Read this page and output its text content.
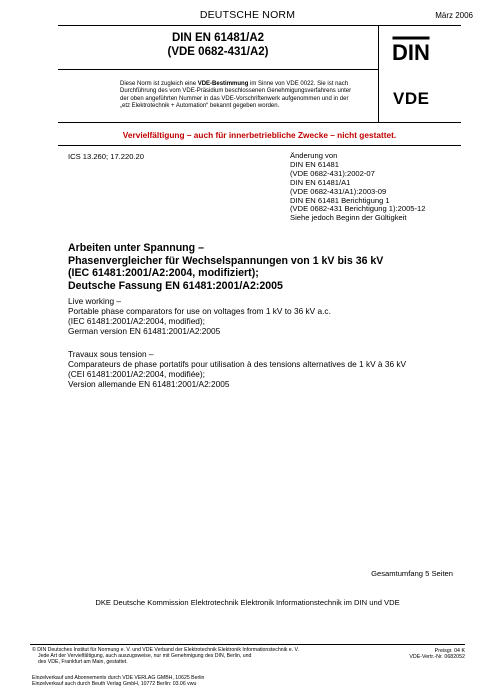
DEUTSCHE NORM	März 2006
DIN EN 61481/A2
(VDE 0682-431/A2)	DIN
Diese Norm ist zugleich eine VDE-Bestimmung im Sinne von VDE 0022. Sie ist nach
Durchführung des vom VDE-Präsidium beschlossenen Genehmigungsverfahrens unter
der oben angeführten Nummer in das VDE-Vorschriftenwerk aufgenommen und in der
„etz Elektrotechnik + Automation“ bekannt gegeben worden.	VDE
Vervielfältigung – auch für innerbetriebliche Zwecke – nicht gestattet.
ICS 13.260; 17.220.20	Änderung von
DIN EN 61481
(VDE 0682-431):2002-07
DIN EN 61481/A1
(VDE 0682-431/A1):2003-09
DIN EN 61481 Berichtigung 1
(VDE 0682-431 Berichtigung 1):2005-12
Siehe jedoch Beginn der Gültigkeit
Arbeiten unter Spannung –
Phasenvergleicher für Wechselspannungen von 1 kV bis 36 kV
(IEC 61481:2001/A2:2004, modifiziert);
Deutsche Fassung EN 61481:2001/A2:2005
Live working –
Portable phase comparators for use on voltages from 1 kV to 36 kV a.c.
(IEC 61481:2001/A2:2004, modified);
German version EN 61481:2001/A2:2005
Travaux sous tension –
Comparateurs de phase portatifs pour utilisation à des tensions alternatives de 1 kV à 36 kV
(CEI 61481:2001/A2:2004, modifiée);
Version allemande EN 61481:2001/A2:2005
Gesamtumfang 5 Seiten
DKE Deutsche Kommission Elektrotechnik Elektronik Informationstechnik im DIN und VDE
© DIN Deutsches Institut für Normung e. V. und VDE Verband der Elektrotechnik Elektronik Informationstechnik e. V.
Jede Art der Vervielfältigung, auch auszugsweise, nur mit Genehmigung des DIN, Berlin, und
des VDE, Frankfurt am Main, gestattet.
Preisgr. 04 K
VDE-Vertr.-Nr. 0682052
Einzelverkauf und Abonnements durch VDE VERLAG GMBH, 10625 Berlin
Einzelverkauf auch durch Beuth Verlag GmbH, 10772 Berlin: 03.06 vwu
